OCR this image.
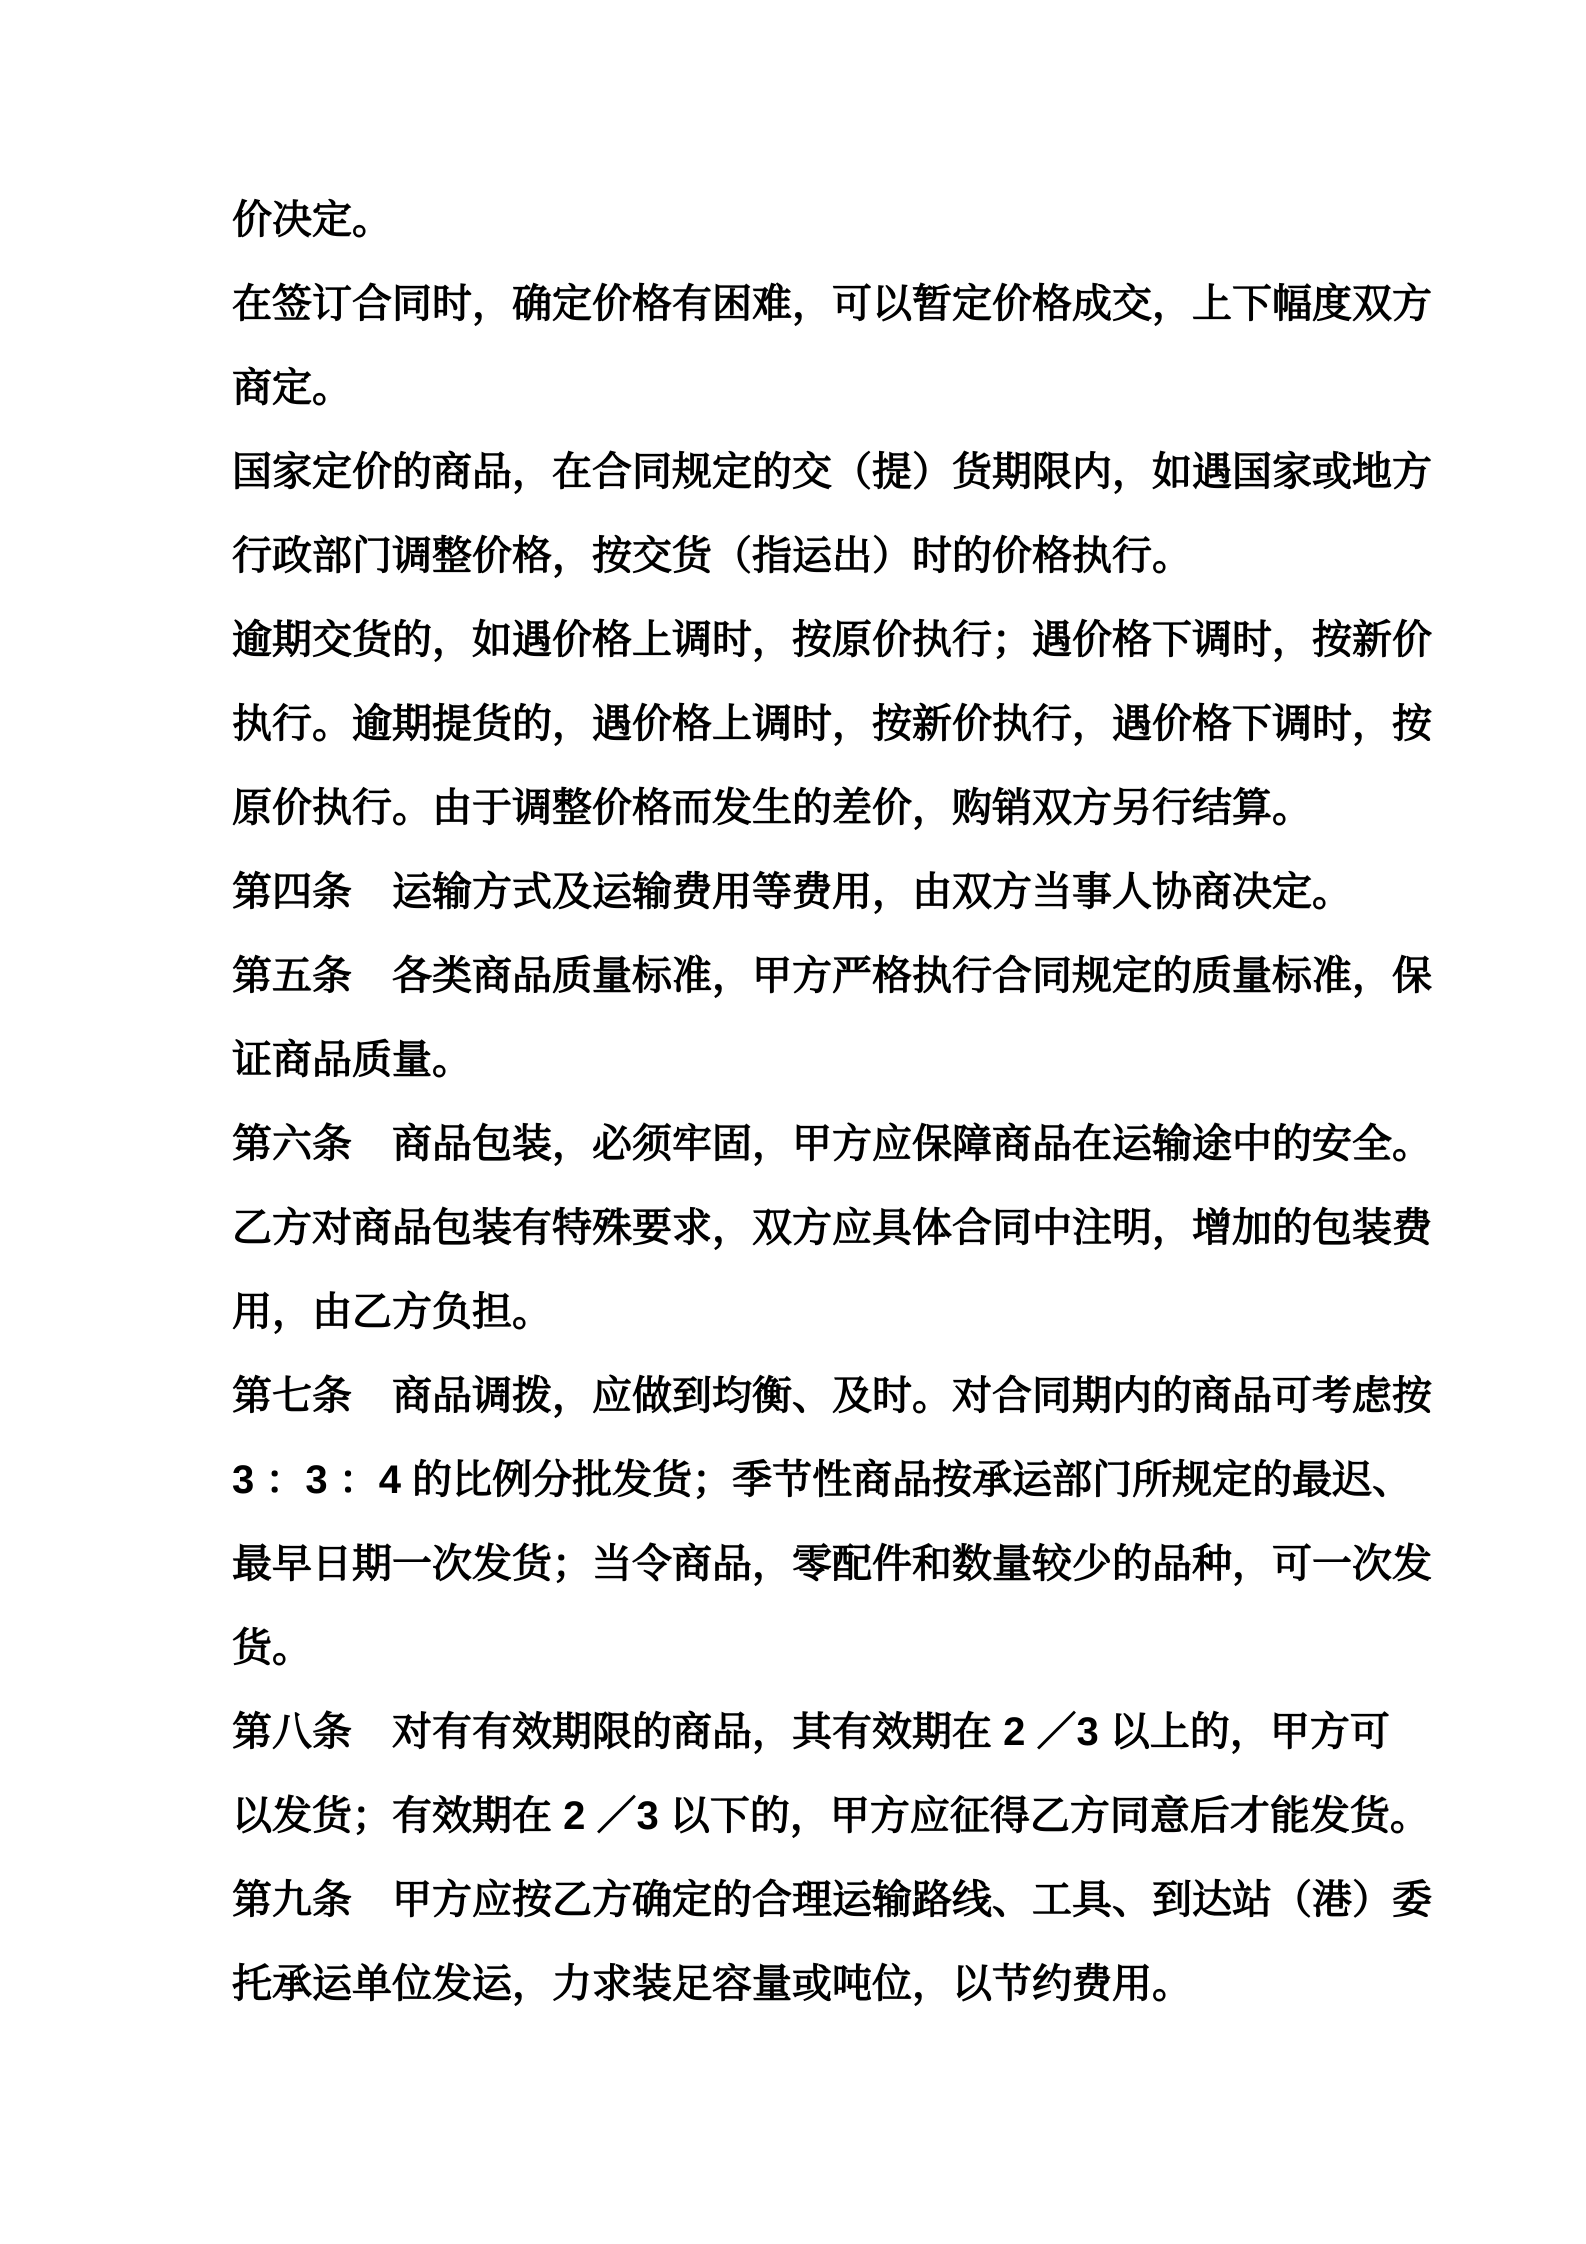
价决定。
在签订合同时，确定价格有困难，可以暂定价格成交，上下幅度双方
商定。
国家定价的商品，在合同规定的交（提）货期限内，如遇国家或地方
行政部门调整价格，按交货（指运出）时的价格执行。
逾期交货的，如遇价格上调时，按原价执行；遇价格下调时，按新价
执行。逾期提货的，遇价格上调时，按新价执行，遇价格下调时，按
原价执行。由于调整价格而发生的差价，购销双方另行结算。
第四条　运输方式及运输费用等费用，由双方当事人协商决定。
第五条　各类商品质量标准，甲方严格执行合同规定的质量标准，保
证商品质量。
第六条　商品包装，必须牢固，甲方应保障商品在运输途中的安全。
乙方对商品包装有特殊要求，双方应具体合同中注明，增加的包装费
用，由乙方负担。
第七条　商品调拨，应做到均衡、及时。对合同期内的商品可考虑按
3 ：3 ：4 的比例分批发货；季节性商品按承运部门所规定的最迟、
最早日期一次发货；当令商品，零配件和数量较少的品种，可一次发
货。
第八条　对有有效期限的商品，其有效期在 2 ／3 以上的，甲方可
以发货；有效期在 2 ／3 以下的，甲方应征得乙方同意后才能发货。
第九条　甲方应按乙方确定的合理运输路线、工具、到达站（港）委
托承运单位发运，力求装足容量或吨位，以节约费用。
